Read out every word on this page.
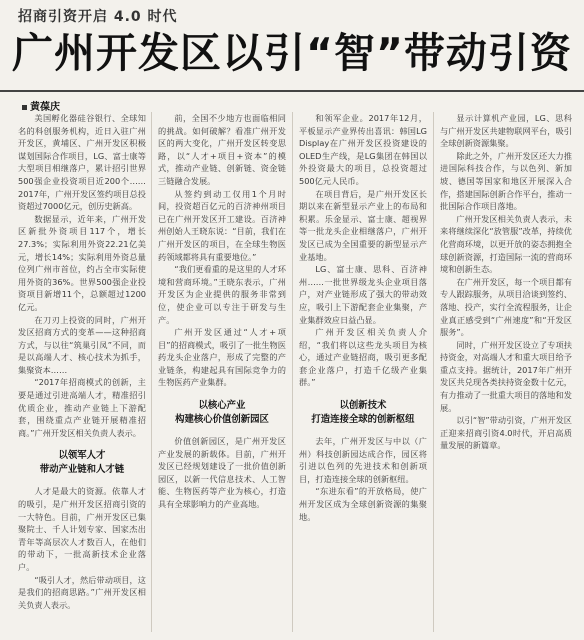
招商引资开启 4.0 时代
广州开发区以引“智”带动引资
黄葆庆

美国孵化器硅谷银行、全球知名的科创服务机构，近日入驻广州开发区，黄埔区、广州开发区积极谋划国际合作项目，LG、富士康等大型项目相继落户，累计招引世界500强企业投资项目近200个……2017年，广州开发区签约项目总投资超过7000亿元，创历史新高。

数据显示，近年来，广州开发区新批外资项目117个，增长27.3%；实际利用外资22.21亿美元，增长14%；实际利用外资总量位列广州市首位，约占全市实际使用外资的36%。世界500强企业投资项目新增11个，总额超过1200亿元。

在刀刃上投资的同时，广州开发区招商方式的变革——这种招商方式，与以往“筑巢引凤”不同，而是以高端人才、核心技术为抓手，集聚资本……

“2017年招商模式的创新，主要是通过引进高端人才，精准招引优质企业，推动产业链上下游配套，围绕重点产业链开展精准招商。”广州开发区相关负责人表示。

以领军人才
带动产业链和人才链

人才是最大的资源。依靠人才的吸引，是广州开发区招商引资的一大特色。目前，广州开发区已集聚院士、千人计划专家、国家杰出青年等高层次人才数百人，在他们的带动下，一批高新技术企业落户。

“吸引人才，然后带动项目，这是我们的招商思路。”广州开发区相关负责人表示。

前，全国不少地方也面临相同的挑战。如何破解？看准广州开发区的两大变化，广州开发区转变思路，以“人才+项目+资本”的模式，推动产业链、创新链、资金链三链融合发展。

从签约到动工仅用1个月时间，投资超百亿元的百济神州项目已在广州开发区开工建设。百济神州创始人王晓东说：“目前，我们在广州开发区的项目，在全球生物医药领域都将具有重要地位。”

“我们更看重的是这里的人才环境和营商环境。”王晓东表示，广州开发区为企业提供的服务非常到位，使企业可以专注于研发与生产。

广州开发区通过“人才+项目”的招商模式，吸引了一批生物医药龙头企业落户，形成了完整的产业链条，构建起具有国际竞争力的生物医药产业集群。

以核心产业
构建核心价值创新园区

价值创新园区，是广州开发区产业发展的新载体。目前，广州开发区已经规划建设了一批价值创新园区，以新一代信息技术、人工智能、生物医药等产业为核心，打造具有全球影响力的产业高地。

和领军企业。2017年12月，平板显示产业界传出喜讯：韩国LG Display在广州开发区投资建设的OLED生产线，是LG集团在韩国以外投资最大的项目，总投资超过500亿元人民币。

在项目背后，是广州开发区长期以来在新型显示产业上的布局和积累。乐金显示、富士康、超视界等一批龙头企业相继落户，广州开发区已成为全国重要的新型显示产业基地。

LG、富士康、思科、百济神州……一批世界级龙头企业项目落户，对产业链形成了强大的带动效应，吸引上下游配套企业集聚，产业集群效应日益凸显。

广州开发区相关负责人介绍，“我们将以这些龙头项目为核心，通过产业链招商，吸引更多配套企业落户，打造千亿级产业集群。”

以创新技术
打造连接全球的创新枢纽

去年，广州开发区与中以（广州）科技创新园达成合作，园区将引进以色列的先进技术和创新项目，打造连接全球的创新枢纽。

“东进东看”的开放格局，使广州开发区成为全球创新资源的集聚地。

显示计算机产业园，LG、思科与广州开发区共建物联网平台，吸引全球创新资源集聚。

除此之外，广州开发区还大力推进国际科技合作，与以色列、新加坡、德国等国家和地区开展深入合作，搭建国际创新合作平台，推动一批国际合作项目落地。

广州开发区相关负责人表示，未来将继续深化“放管服”改革，持续优化营商环境，以更开放的姿态拥抱全球创新资源，打造国际一流的营商环境和创新生态。

在广州开发区，每一个项目都有专人跟踪服务，从项目洽谈到签约、落地、投产，实行全流程服务，让企业真正感受到“广州速度”和“开发区服务”。

同时，广州开发区设立了专项扶持资金，对高端人才和重大项目给予重点支持。据统计，2017年广州开发区共兑现各类扶持资金数十亿元，有力推动了一批重大项目的落地和发展。

以引“智”带动引资，广州开发区正迎来招商引资4.0时代，开启高质量发展的新篇章。
